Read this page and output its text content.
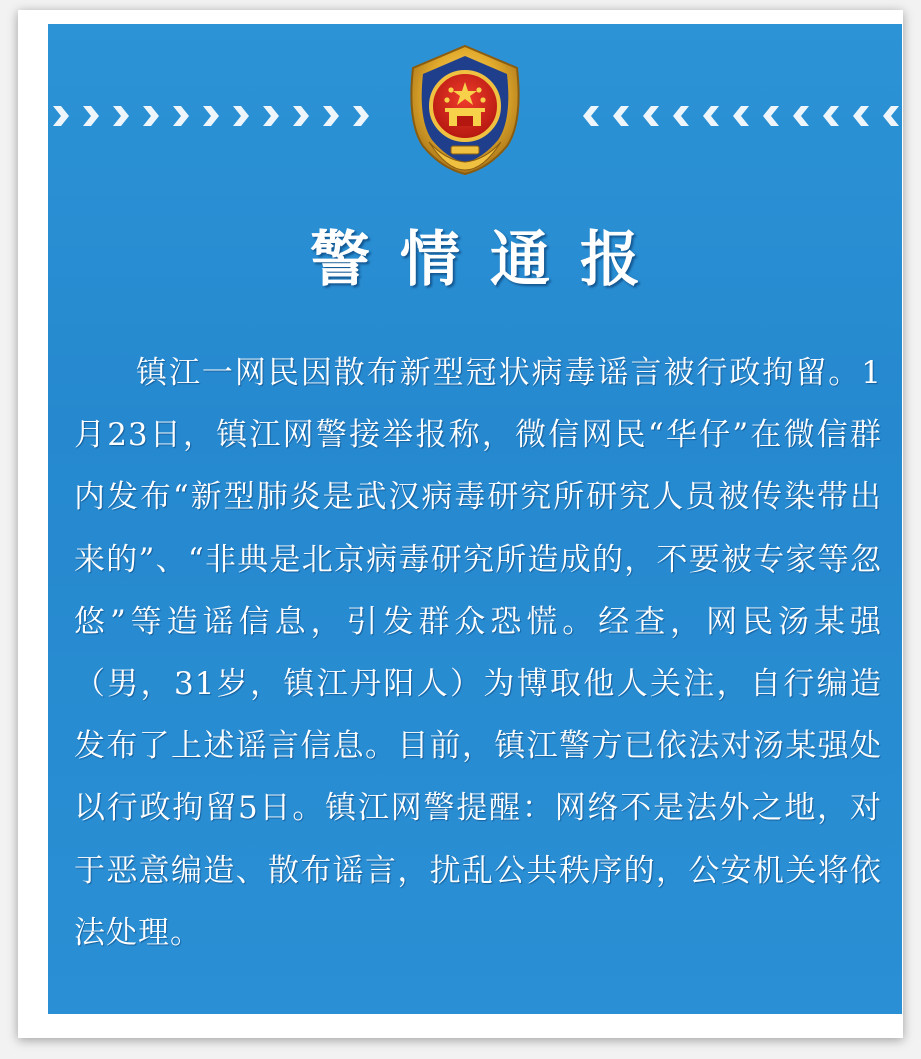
警情通报
镇江一网民因散布新型冠状病毒谣言被行政拘留。1月23日，镇江网警接举报称，微信网民“华仔”在微信群内发布“新型肺炎是武汉病毒研究所研究人员被传染带出来的”、“非典是北京病毒研究所造成的，不要被专家等忽悠”等造谣信息，引发群众恐慌。经查，网民汤某强（男，31岁，镇江丹阳人）为博取他人关注，自行编造发布了上述谣言信息。目前，镇江警方已依法对汤某强处以行政拘留5日。镇江网警提醒：网络不是法外之地，对于恶意编造、散布谣言，扰乱公共秩序的，公安机关将依法处理。
